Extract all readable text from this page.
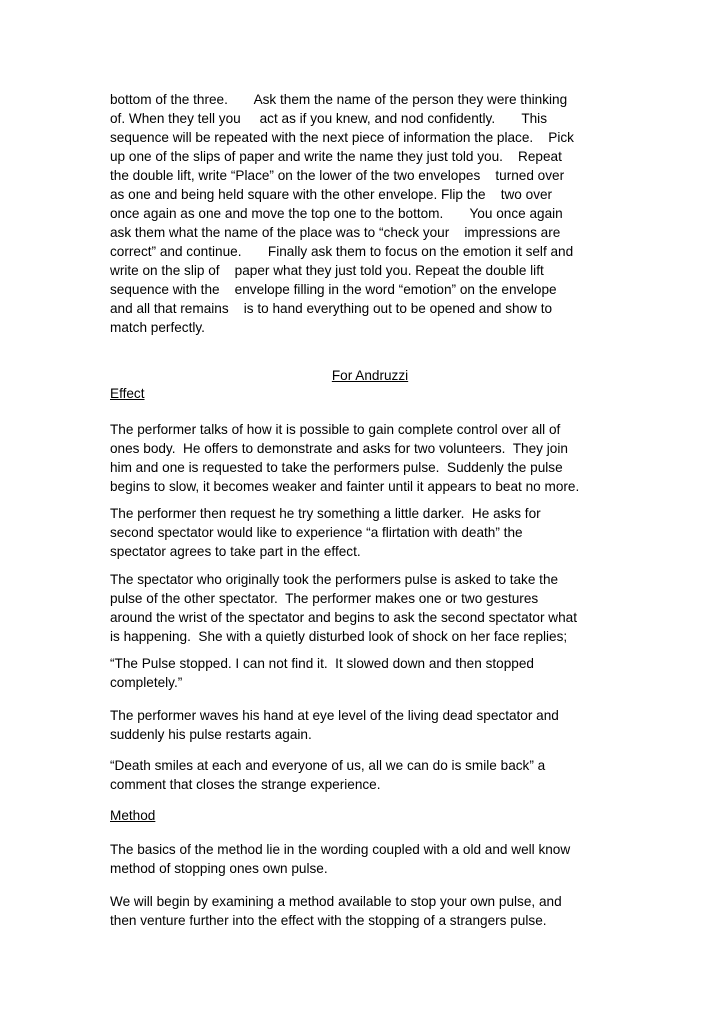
bottom of the three.       Ask them the name of the person they were thinking
of. When they tell you     act as if you knew, and nod confidently.       This
sequence will be repeated with the next piece of information the place.    Pick
up one of the slips of paper and write the name they just told you.    Repeat
the double lift, write “Place” on the lower of the two envelopes    turned over
as one and being held square with the other envelope. Flip the    two over
once again as one and move the top one to the bottom.       You once again
ask them what the name of the place was to “check your    impressions are
correct” and continue.       Finally ask them to focus on the emotion it self and
write on the slip of    paper what they just told you. Repeat the double lift
sequence with the    envelope filling in the word “emotion” on the envelope
and all that remains    is to hand everything out to be opened and show to
match perfectly.
For Andruzzi
Effect
The performer talks of how it is possible to gain complete control over all of
ones body.  He offers to demonstrate and asks for two volunteers.  They join
him and one is requested to take the performers pulse.  Suddenly the pulse
begins to slow, it becomes weaker and fainter until it appears to beat no more.
The performer then request he try something a little darker.  He asks for
second spectator would like to experience “a flirtation with death” the
spectator agrees to take part in the effect.
The spectator who originally took the performers pulse is asked to take the
pulse of the other spectator.  The performer makes one or two gestures
around the wrist of the spectator and begins to ask the second spectator what
is happening.  She with a quietly disturbed look of shock on her face replies;
“The Pulse stopped. I can not find it.  It slowed down and then stopped
completely.”
The performer waves his hand at eye level of the living dead spectator and
suddenly his pulse restarts again.
“Death smiles at each and everyone of us, all we can do is smile back” a
comment that closes the strange experience.
Method
The basics of the method lie in the wording coupled with a old and well know
method of stopping ones own pulse.
We will begin by examining a method available to stop your own pulse, and
then venture further into the effect with the stopping of a strangers pulse.
